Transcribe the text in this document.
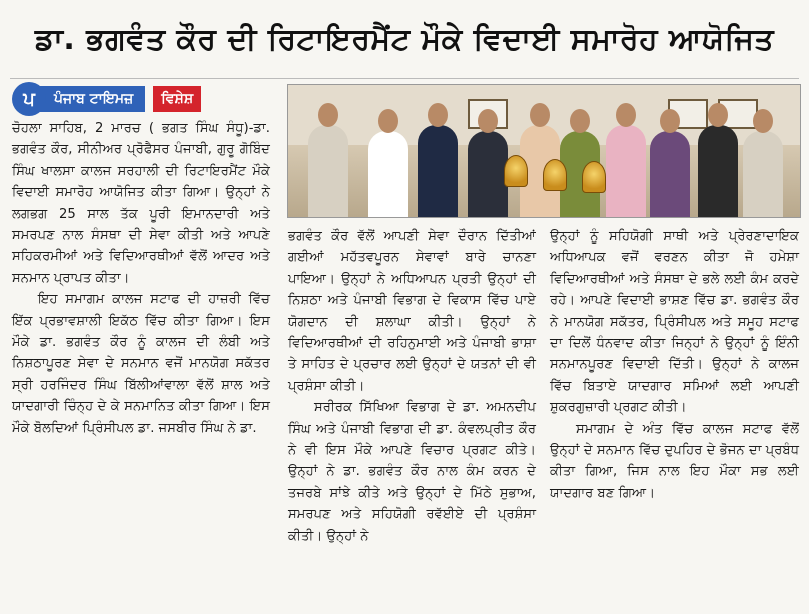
ਡਾ. ਭਗਵੰਤ ਕੌਰ ਦੀ ਰਿਟਾਇਰਮੈਂਟ ਮੌਕੇ ਵਿਦਾਈ ਸਮਾਰੋਹ ਆਯੋਜਿਤ
ਪ	ਪੰਜਾਬ ਟਾਇਮਜ਼	ਵਿਸ਼ੇਸ਼

ਚੋਹਲਾ ਸਾਹਿਬ, 2 ਮਾਰਚ ( ਭਗਤ ਸਿੰਘ ਸੰਧੂ)-ਡਾ. ਭਗਵੰਤ ਕੌਰ, ਸੀਨੀਅਰ ਪ੍ਰੋਫੈਸਰ ਪੰਜਾਬੀ, ਗੁਰੂ ਗੋਬਿੰਦ ਸਿੰਘ ਖਾਲਸਾ ਕਾਲਜ ਸਰਹਾਲੀ ਦੀ ਰਿਟਾਇਰਮੈਂਟ ਮੌਕੇ ਵਿਦਾਈ ਸਮਾਰੋਹ ਆਯੋਜਿਤ ਕੀਤਾ ਗਿਆ। ਉਨ੍ਹਾਂ ਨੇ ਲਗਭਗ 25 ਸਾਲ ਤੱਕ ਪੂਰੀ ਇਮਾਨਦਾਰੀ ਅਤੇ ਸਮਰਪਣ ਨਾਲ ਸੰਸਥਾ ਦੀ ਸੇਵਾ ਕੀਤੀ ਅਤੇ ਆਪਣੇ ਸਹਿਕਰਮੀਆਂ ਅਤੇ ਵਿਦਿਆਰਥੀਆਂ ਵੱਲੋਂ ਆਦਰ ਅਤੇ ਸਨਮਾਨ ਪ੍ਰਾਪਤ ਕੀਤਾ।

ਇਹ ਸਮਾਗਮ ਕਾਲਜ ਸਟਾਫ ਦੀ ਹਾਜ਼ਰੀ ਵਿੱਚ ਇੱਕ ਪ੍ਰਭਾਵਸ਼ਾਲੀ ਇਕੱਠ ਵਿੱਚ ਕੀਤਾ ਗਿਆ। ਇਸ ਮੌਕੇ ਡਾ. ਭਗਵੰਤ ਕੌਰ ਨੂੰ ਕਾਲਜ ਦੀ ਲੰਬੀ ਅਤੇ ਨਿਸ਼ਠਾਪੂਰਣ ਸੇਵਾ ਦੇ ਸਨਮਾਨ ਵਜੋਂ ਮਾਨਯੋਗ ਸਕੱਤਰ ਸ੍ਰੀ ਹਰਜਿੰਦਰ ਸਿੰਘ ਬਿੱਲੀਆਂਵਾਲਾ ਵੱਲੋਂ ਸ਼ਾਲ ਅਤੇ ਯਾਦਗਾਰੀ ਚਿੰਨ੍ਹ ਦੇ ਕੇ ਸਨਮਾਨਿਤ ਕੀਤਾ ਗਿਆ। ਇਸ ਮੌਕੇ ਬੋਲਦਿਆਂ ਪ੍ਰਿੰਸੀਪਲ ਡਾ. ਜਸਬੀਰ ਸਿੰਘ ਨੇ ਡਾ.

ਭਗਵੰਤ ਕੌਰ ਵੱਲੋਂ ਆਪਣੀ ਸੇਵਾ ਦੌਰਾਨ ਦਿੱਤੀਆਂ ਗਈਆਂ ਮਹੱਤਵਪੂਰਨ ਸੇਵਾਵਾਂ ਬਾਰੇ ਚਾਨਣਾ ਪਾਇਆ। ਉਨ੍ਹਾਂ ਨੇ ਅਧਿਆਪਨ ਪ੍ਰਤੀ ਉਨ੍ਹਾਂ ਦੀ ਨਿਸ਼ਠਾ ਅਤੇ ਪੰਜਾਬੀ ਵਿਭਾਗ ਦੇ ਵਿਕਾਸ ਵਿੱਚ ਪਾਏ ਯੋਗਦਾਨ ਦੀ ਸ਼ਲਾਘਾ ਕੀਤੀ। ਉਨ੍ਹਾਂ ਨੇ ਵਿਦਿਆਰਥੀਆਂ ਦੀ ਰਹਿਨੁਮਾਈ ਅਤੇ ਪੰਜਾਬੀ ਭਾਸ਼ਾ ਤੇ ਸਾਹਿਤ ਦੇ ਪ੍ਰਚਾਰ ਲਈ ਉਨ੍ਹਾਂ ਦੇ ਯਤਨਾਂ ਦੀ ਵੀ ਪ੍ਰਸ਼ੰਸਾ ਕੀਤੀ।

ਸਰੀਰਕ ਸਿੱਖਿਆ ਵਿਭਾਗ ਦੇ ਡਾ. ਅਮਨਦੀਪ ਸਿੰਘ ਅਤੇ ਪੰਜਾਬੀ ਵਿਭਾਗ ਦੀ ਡਾ. ਕੰਵਲਪ੍ਰੀਤ ਕੌਰ ਨੇ ਵੀ ਇਸ ਮੌਕੇ ਆਪਣੇ ਵਿਚਾਰ ਪ੍ਰਗਟ ਕੀਤੇ। ਉਨ੍ਹਾਂ ਨੇ ਡਾ. ਭਗਵੰਤ ਕੌਰ ਨਾਲ ਕੰਮ ਕਰਨ ਦੇ ਤਜਰਬੇ ਸਾਂਝੇ ਕੀਤੇ ਅਤੇ ਉਨ੍ਹਾਂ ਦੇ ਮਿੱਠੇ ਸੁਭਾਅ, ਸਮਰਪਣ ਅਤੇ ਸਹਿਯੋਗੀ ਰਵੱਈਏ ਦੀ ਪ੍ਰਸ਼ੰਸਾ ਕੀਤੀ। ਉਨ੍ਹਾਂ ਨੇ

ਉਨ੍ਹਾਂ ਨੂੰ ਸਹਿਯੋਗੀ ਸਾਥੀ ਅਤੇ ਪ੍ਰੇਰਣਾਦਾਇਕ ਅਧਿਆਪਕ ਵਜੋਂ ਵਰਣਨ ਕੀਤਾ ਜੋ ਹਮੇਸ਼ਾ ਵਿਦਿਆਰਥੀਆਂ ਅਤੇ ਸੰਸਥਾ ਦੇ ਭਲੇ ਲਈ ਕੰਮ ਕਰਦੇ ਰਹੇ। ਆਪਣੇ ਵਿਦਾਈ ਭਾਸ਼ਣ ਵਿੱਚ ਡਾ. ਭਗਵੰਤ ਕੌਰ ਨੇ ਮਾਨਯੋਗ ਸਕੱਤਰ, ਪ੍ਰਿੰਸੀਪਲ ਅਤੇ ਸਮੂਹ ਸਟਾਫ ਦਾ ਦਿਲੋਂ ਧੰਨਵਾਦ ਕੀਤਾ ਜਿਨ੍ਹਾਂ ਨੇ ਉਨ੍ਹਾਂ ਨੂੰ ਇੰਨੀ ਸਨਮਾਨਪੂਰਣ ਵਿਦਾਈ ਦਿੱਤੀ। ਉਨ੍ਹਾਂ ਨੇ ਕਾਲਜ ਵਿੱਚ ਬਿਤਾਏ ਯਾਦਗਾਰ ਸਮਿਆਂ ਲਈ ਆਪਣੀ ਸ਼ੁਕਰਗੁਜ਼ਾਰੀ ਪ੍ਰਗਟ ਕੀਤੀ।

ਸਮਾਗਮ ਦੇ ਅੰਤ ਵਿੱਚ ਕਾਲਜ ਸਟਾਫ ਵੱਲੋਂ ਉਨ੍ਹਾਂ ਦੇ ਸਨਮਾਨ ਵਿੱਚ ਦੁਪਹਿਰ ਦੇ ਭੋਜਨ ਦਾ ਪ੍ਰਬੰਧ ਕੀਤਾ ਗਿਆ, ਜਿਸ ਨਾਲ ਇਹ ਮੌਕਾ ਸਭ ਲਈ ਯਾਦਗਾਰ ਬਣ ਗਿਆ।
